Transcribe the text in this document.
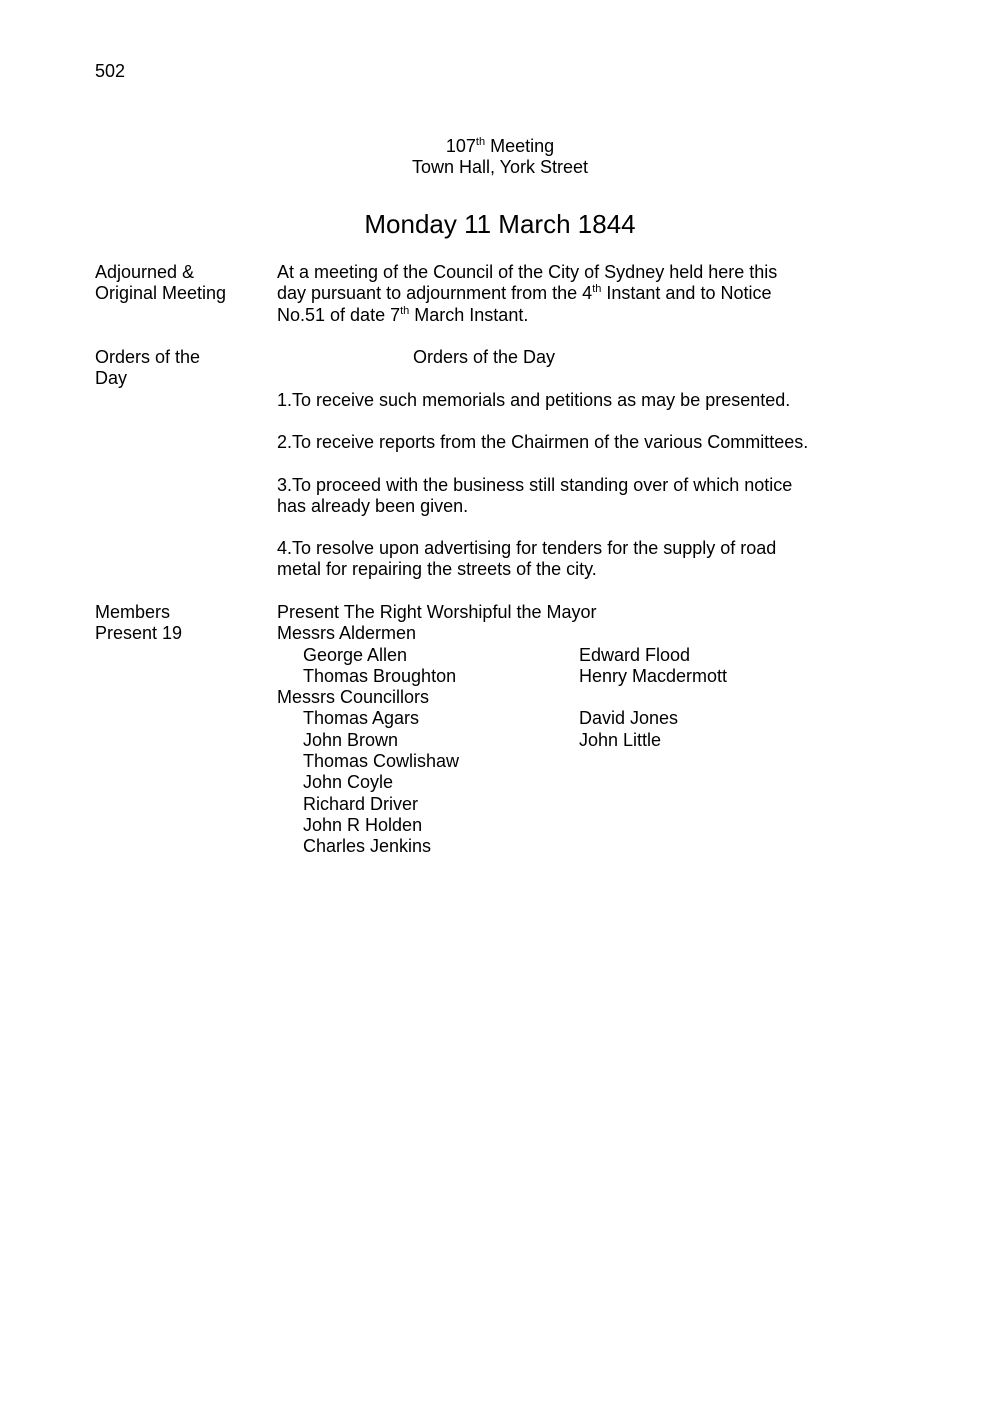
502
107th Meeting
Town Hall, York Street
Monday 11 March 1844
Adjourned &
Original Meeting
At a meeting of the Council of the City of Sydney held here this
day pursuant to adjournment from the 4th Instant and to Notice
No.51 of date 7th March Instant.
Orders of the
Day
Orders of the Day
1.To receive such memorials and petitions as may be presented.
2.To receive reports from the Chairmen of the various Committees.
3.To proceed with the business still standing over of which notice
has already been given.
4.To resolve upon advertising for tenders for the supply of road
metal for repairing the streets of the city.
Members
Present 19
Present The Right Worshipful the Mayor
Messrs Aldermen
George Allen	Edward Flood
Thomas Broughton	Henry Macdermott
Messrs Councillors
Thomas Agars	David Jones
John Brown	John Little
Thomas Cowlishaw
John Coyle
Richard Driver
John R Holden
Charles Jenkins
